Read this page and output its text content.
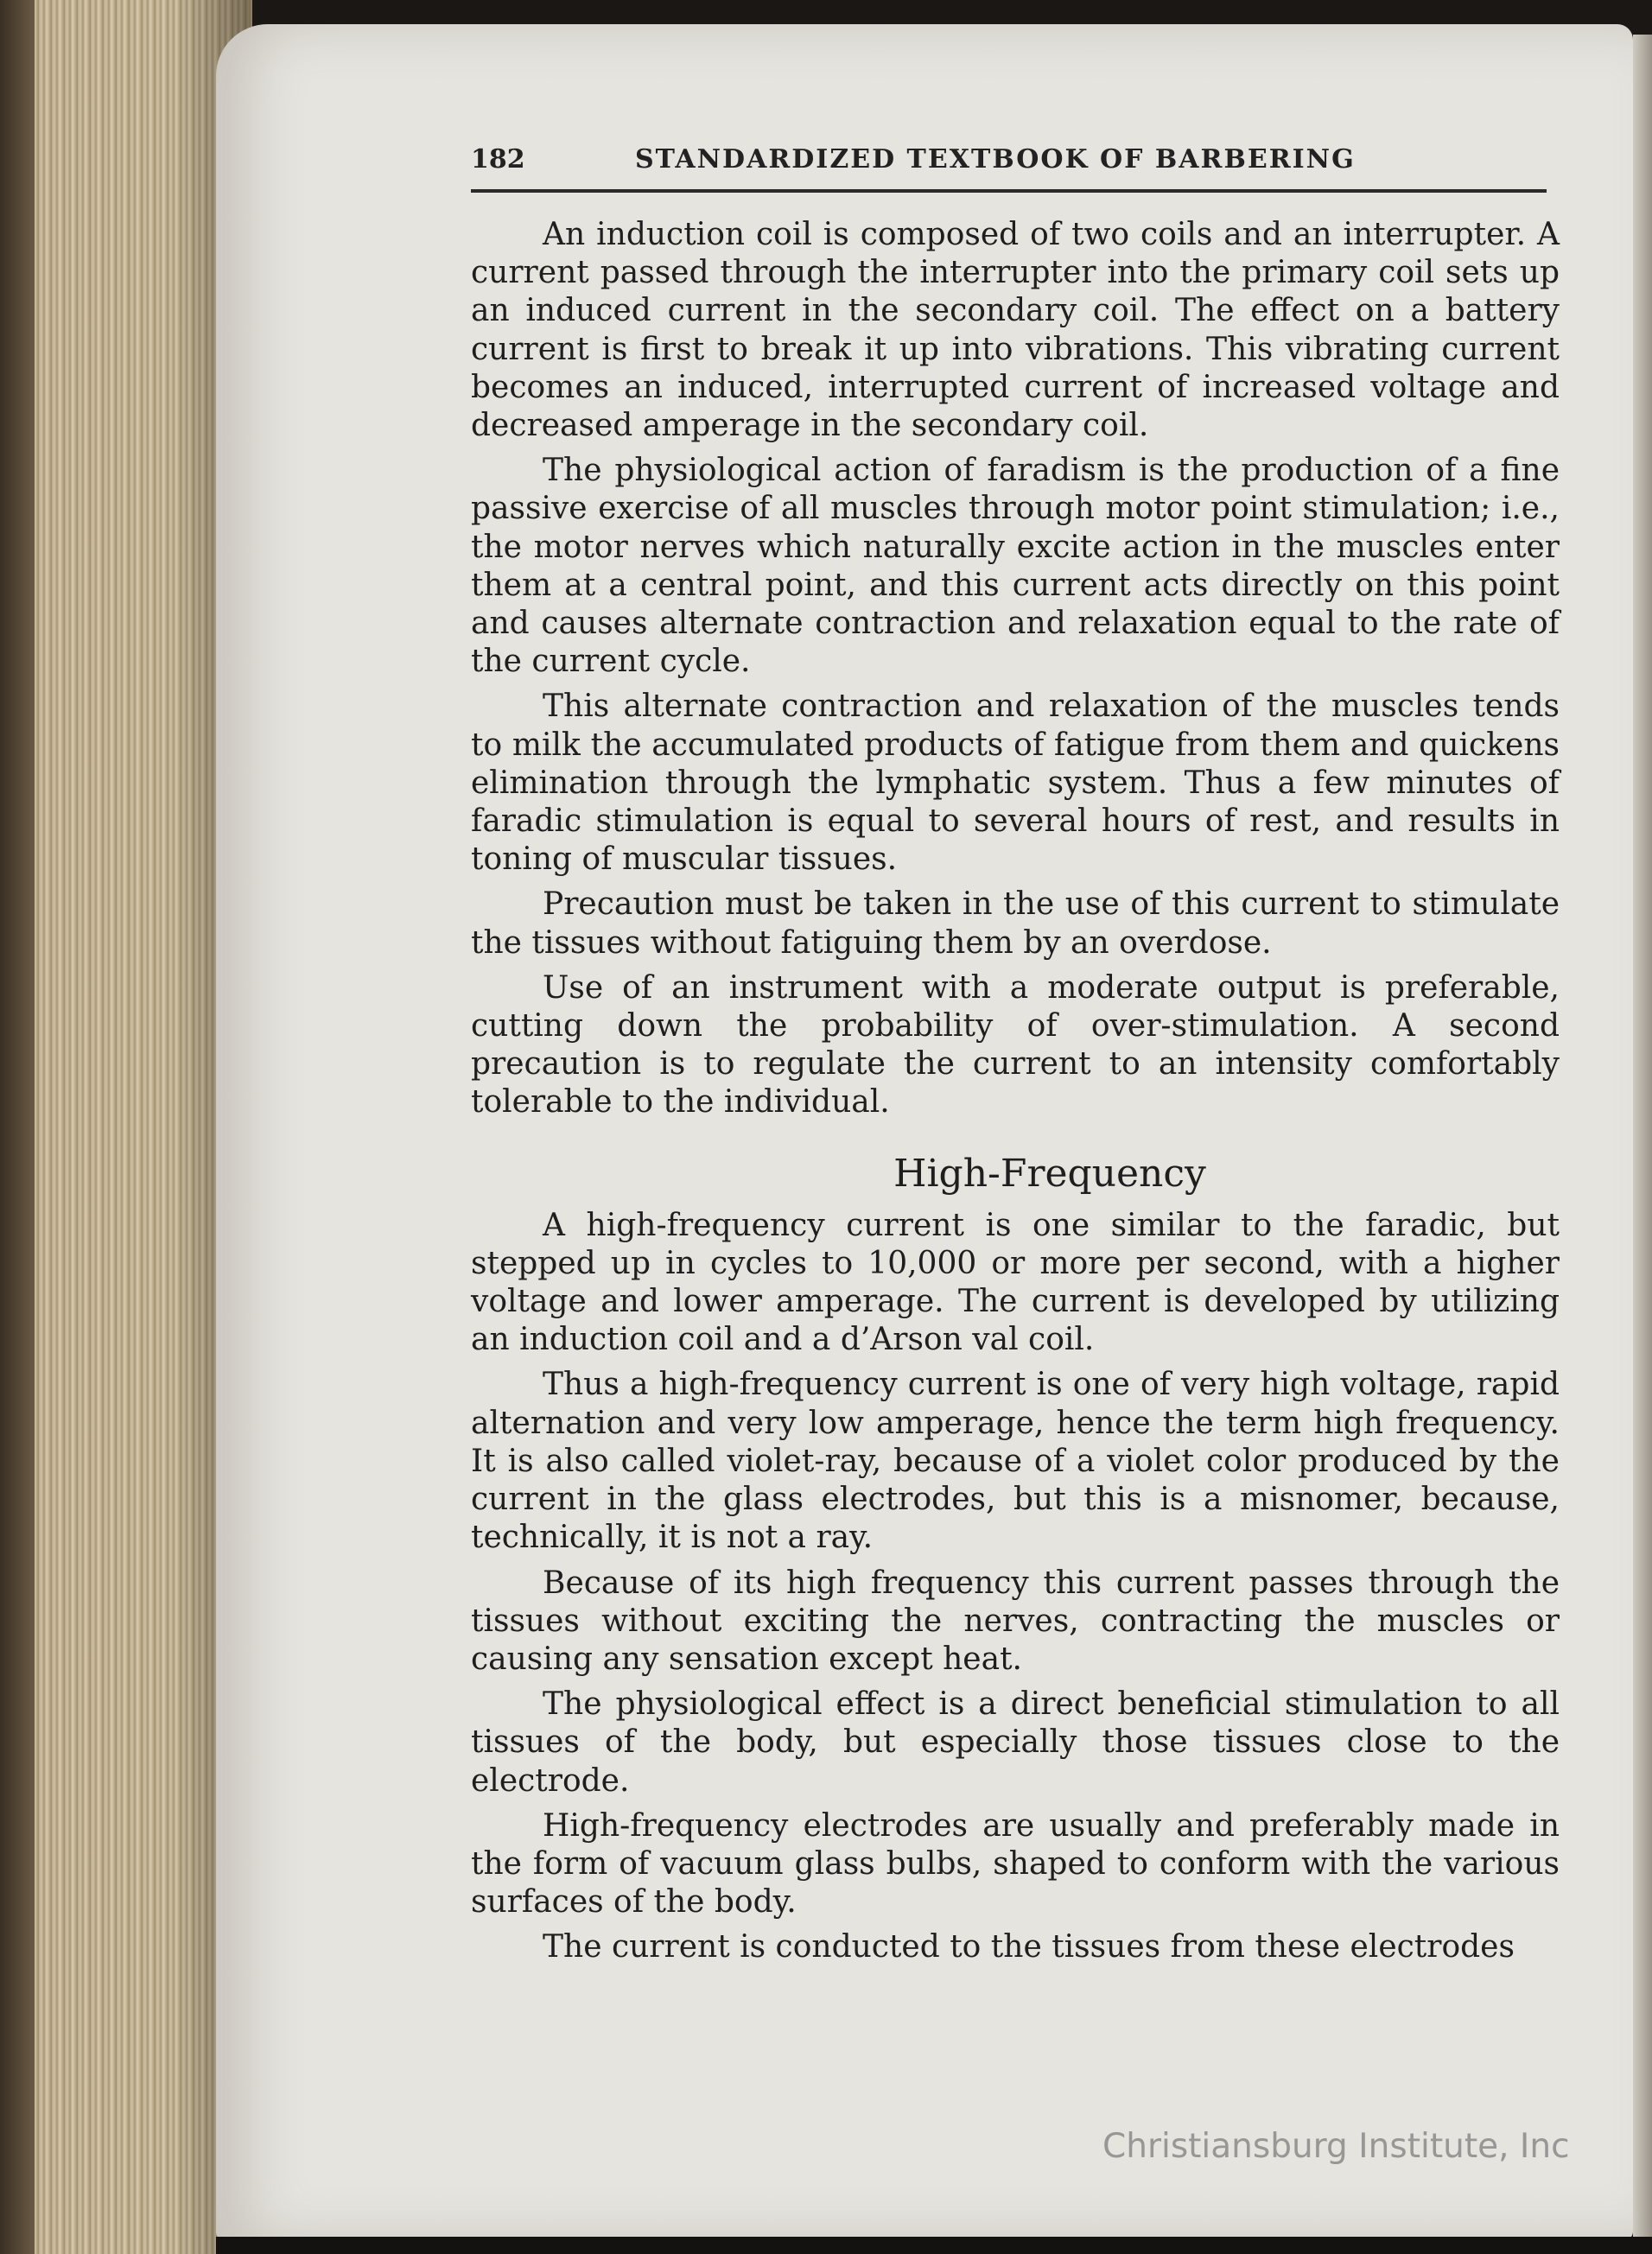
182	STANDARDIZED TEXTBOOK OF BARBERING

An induction coil is composed of two coils and an interrupter. A current passed through the interrupter into the primary coil sets up an induced current in the secondary coil. The effect on a battery current is first to break it up into vibrations. This vibrating current becomes an induced, interrupted current of increased voltage and decreased amperage in the secondary coil.

The physiological action of faradism is the production of a fine passive exercise of all muscles through motor point stimulation; i.e., the motor nerves which naturally excite action in the muscles enter them at a central point, and this current acts directly on this point and causes alternate contraction and relaxation equal to the rate of the current cycle.

This alternate contraction and relaxation of the muscles tends to milk the accumulated products of fatigue from them and quickens elimination through the lymphatic system. Thus a few minutes of faradic stimulation is equal to several hours of rest, and results in toning of muscular tissues.

Precaution must be taken in the use of this current to stimulate the tissues without fatiguing them by an overdose.

Use of an instrument with a moderate output is preferable, cutting down the probability of over-stimulation. A second precaution is to regulate the current to an intensity comfortably tolerable to the individual.

High-Frequency

A high-frequency current is one similar to the faradic, but stepped up in cycles to 10,000 or more per second, with a higher voltage and lower amperage. The current is developed by utilizing an induction coil and a d’Arson val coil.

Thus a high-frequency current is one of very high voltage, rapid alternation and very low amperage, hence the term high frequency. It is also called violet-ray, because of a violet color produced by the current in the glass electrodes, but this is a misnomer, because, technically, it is not a ray.

Because of its high frequency this current passes through the tissues without exciting the nerves, contracting the muscles or causing any sensation except heat.

The physiological effect is a direct beneficial stimulation to all tissues of the body, but especially those tissues close to the electrode.

High-frequency electrodes are usually and preferably made in the form of vacuum glass bulbs, shaped to conform with the various surfaces of the body.

The current is conducted to the tissues from these electrodes

Christiansburg Institute, Inc
